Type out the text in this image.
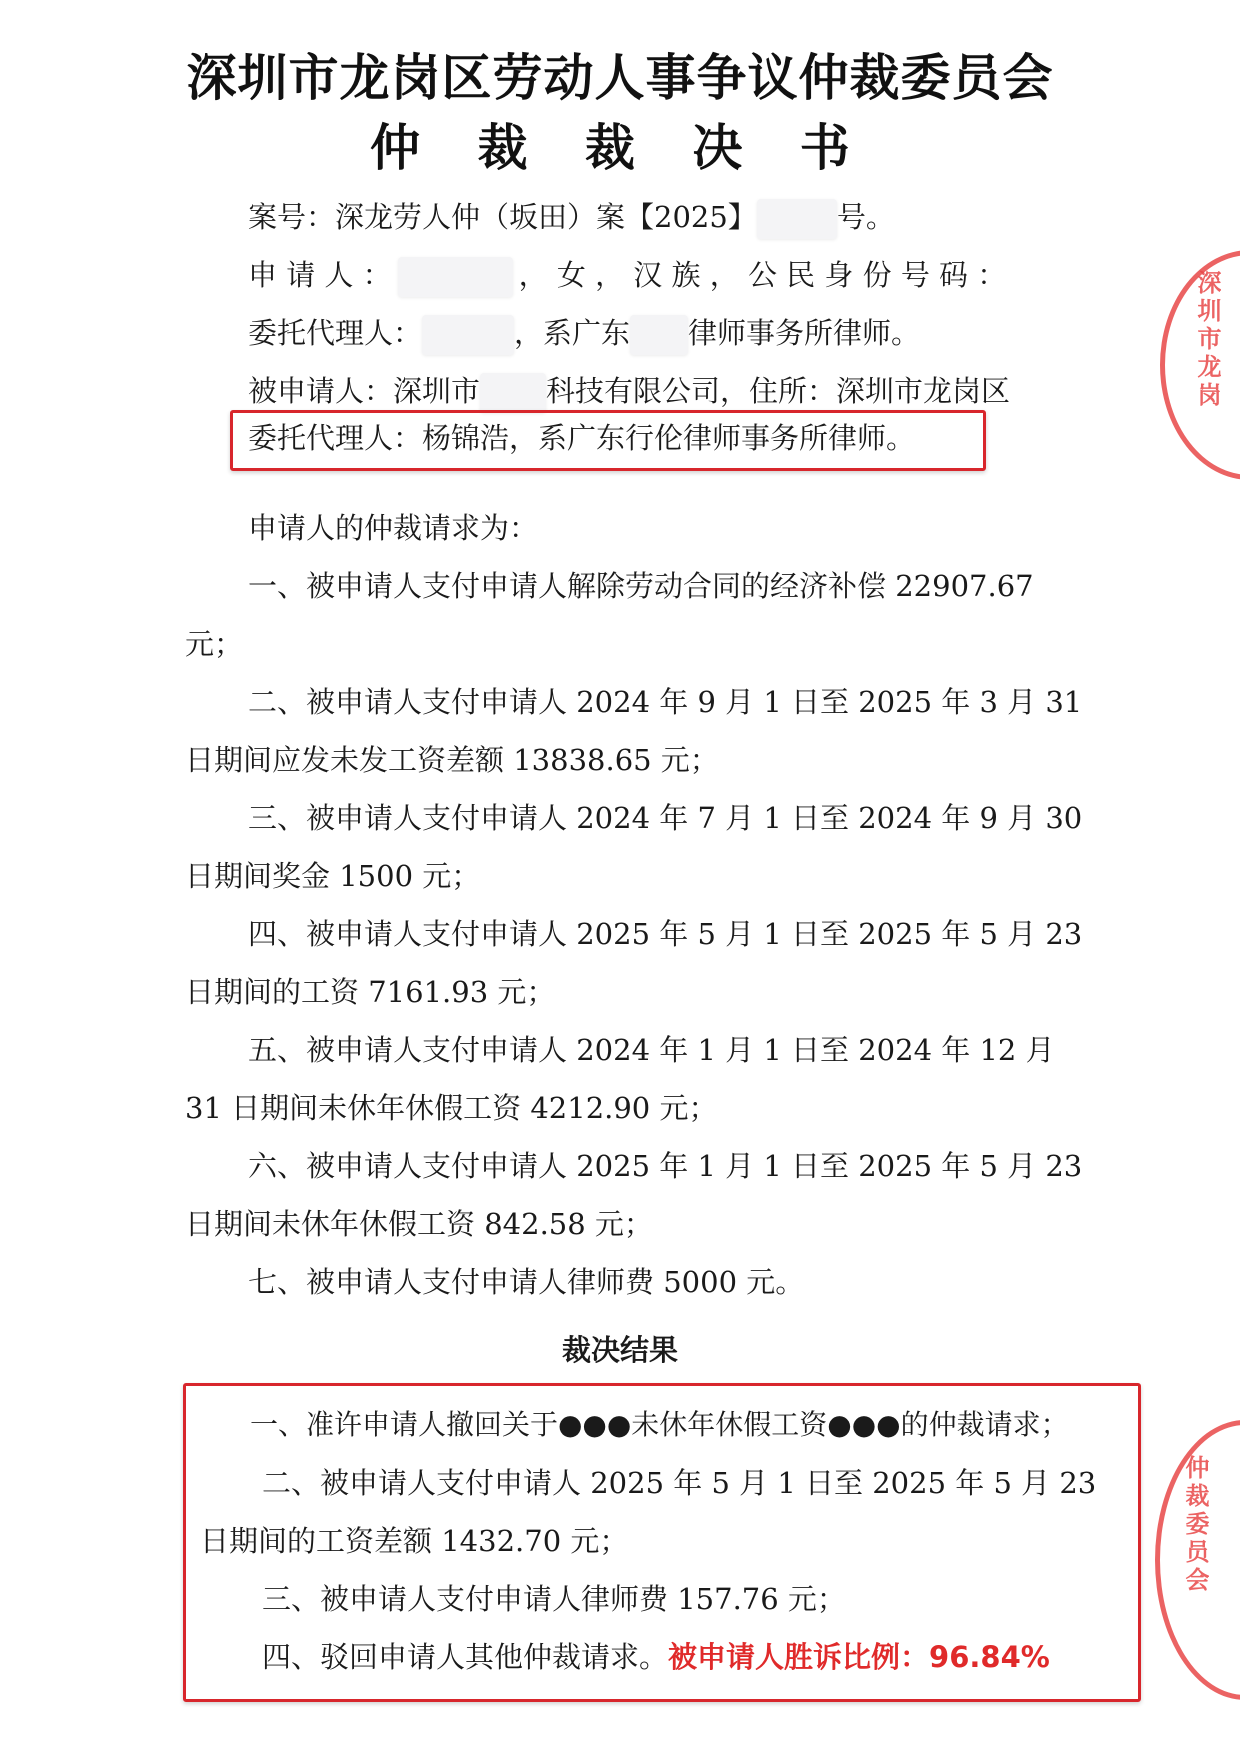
深圳市龙岗区劳动人事争议仲裁委员会
仲 裁 裁 决 书
案号：深龙劳人仲（坂田）案【2025】	号。
申 请 人 ：	， 女 ， 汉 族 ， 公 民 身 份 号 码 ：
委托代理人：	，系广东 律师事务所律师。
被申请人：深圳市 科技有限公司，住所：深圳市龙岗区
委托代理人：杨锦浩，系广东行伦律师事务所律师。
申请人的仲裁请求为：
一、被申请人支付申请人解除劳动合同的经济补偿 22907.67
元；
二、被申请人支付申请人 2024 年 9 月 1 日至 2025 年 3 月 31
日期间应发未发工资差额 13838.65 元；
三、被申请人支付申请人 2024 年 7 月 1 日至 2024 年 9 月 30
日期间奖金 1500 元；
四、被申请人支付申请人 2025 年 5 月 1 日至 2025 年 5 月 23
日期间的工资 7161.93 元；
五、被申请人支付申请人 2024 年 1 月 1 日至 2024 年 12 月
31 日期间未休年休假工资 4212.90 元；
六、被申请人支付申请人 2025 年 1 月 1 日至 2025 年 5 月 23
日期间未休年休假工资 842.58 元；
七、被申请人支付申请人律师费 5000 元。
裁决结果
一、准许申请人撤回关于●●●未休年休假工资●●●的仲裁请求；
二、被申请人支付申请人 2025 年 5 月 1 日至 2025 年 5 月 23
日期间的工资差额 1432.70 元；
三、被申请人支付申请人律师费 157.76 元；
四、驳回申请人其他仲裁请求。被申请人胜诉比例：96.84%
深圳市龙岗
仲裁委员会
